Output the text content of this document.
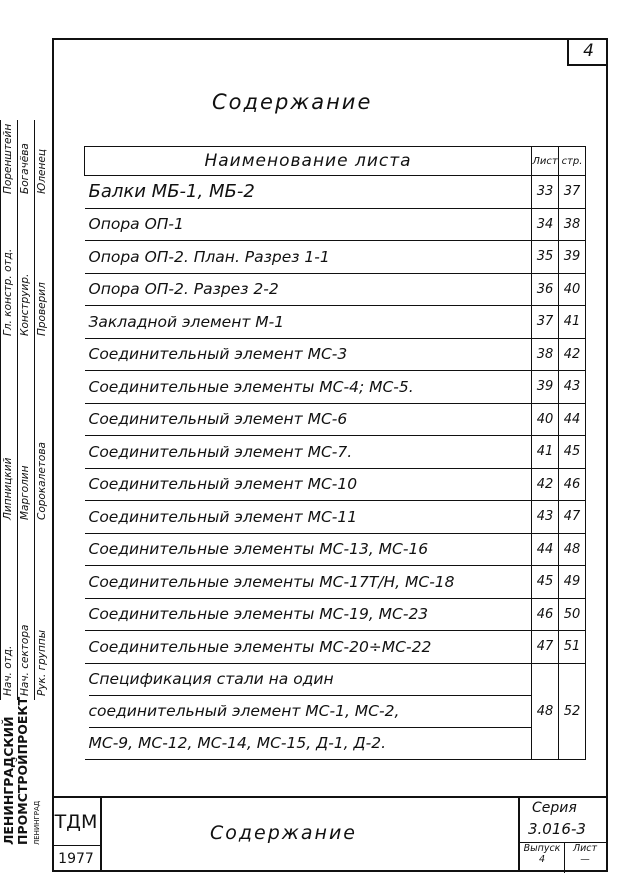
4
Содержание
Наименование листа	Лист	стр.
Балки МБ-1, МБ-2	33	37
Опора ОП-1	34	38
Опора ОП-2. План. Разрез 1-1	35	39
Опора ОП-2. Разрез 2-2	36	40
Закладной элемент М-1	37	41
Соединительный элемент МС-3	38	42
Соединительные элементы МС-4; МС-5.	39	43
Соединительный элемент МС-6	40	44
Соединительный элемент МС-7.	41	45
Соединительный элемент МС-10	42	46
Соединительный элемент МС-11	43	47
Соединительные элементы МС-13, МС-16	44	48
Соединительные элементы МС-17Т/Н, МС-18	45	49
Соединительные элементы МС-19, МС-23	46	50
Соединительные элементы МС-20÷МС-22	47	51

Спецификация стали на один
соединительный элемент МС-1, МС-2,
МС-9, МС-12, МС-14, МС-15, Д-1, Д-2.	48	52
Нач. отд. Нач. сектора Рук. группы
Гл. констр. отд. Конструир. Проверил
Липницкий Марголин Сорокалетова
Поренштейн Богачёва Юленец
ЛЕНИНГРАДСКИЙ
ПРОМСТРОЙПРОЕКТ ЛЕНИНГРАД ТДМ
1977
Содержание
Серия
3.016-3
Выпуск
4
Лист
—
